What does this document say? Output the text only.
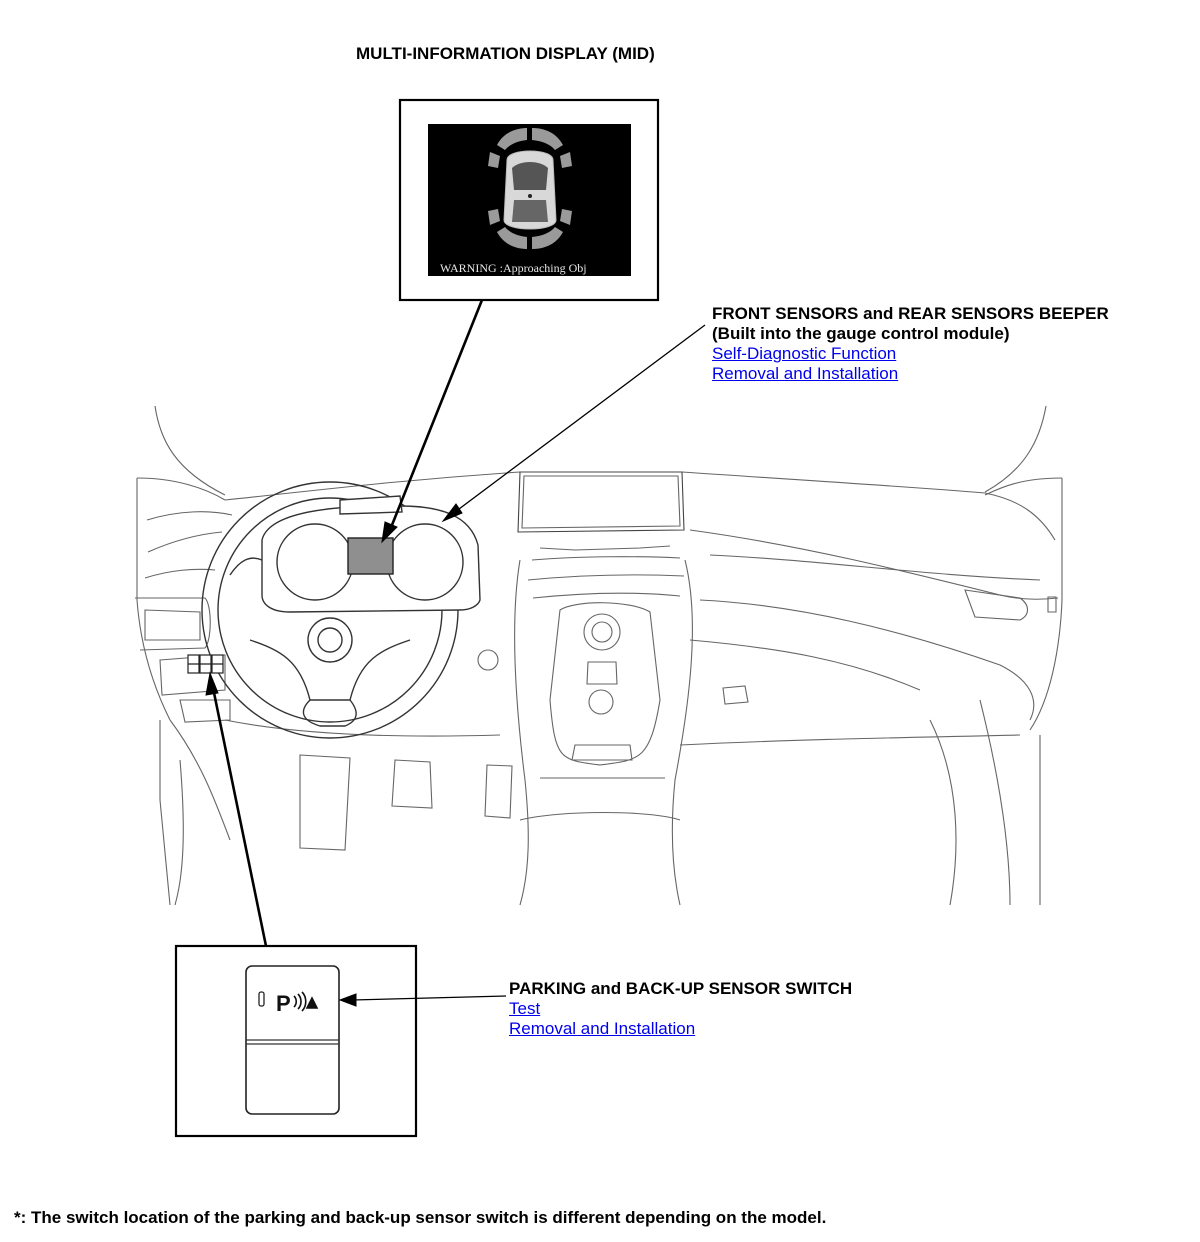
MULTI-INFORMATION DISPLAY (MID)
WARNING :Approaching Obj
P
FRONT SENSORS and REAR SENSORS BEEPER
(Built into the gauge control module)
Self-Diagnostic Function
Removal and Installation
PARKING and BACK-UP SENSOR SWITCH
Test
Removal and Installation
*: The switch location of the parking and back-up sensor switch is different depending on the model.
